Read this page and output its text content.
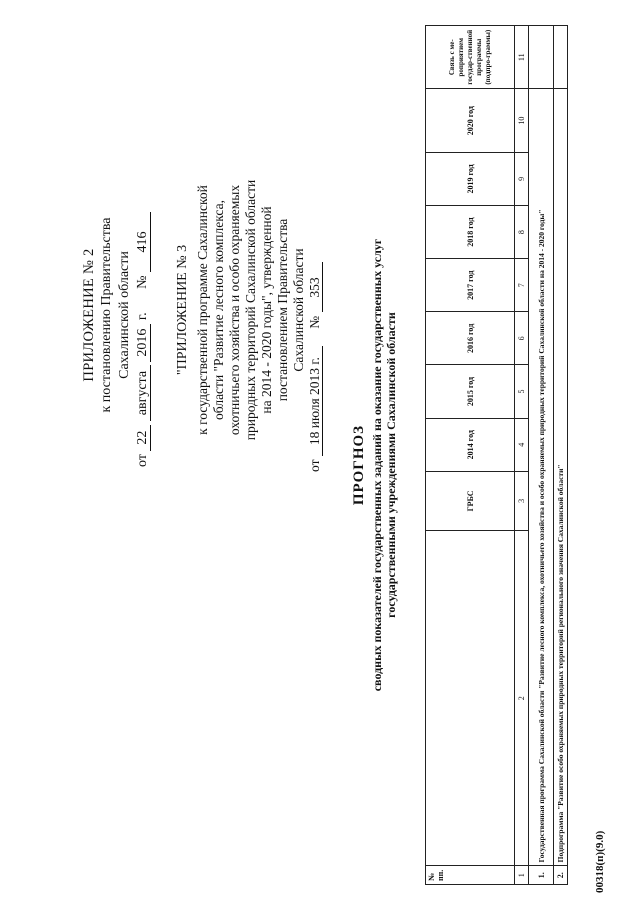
ПРИЛОЖЕНИЕ № 2 к постановлению Правительства Сахалинской области
от 22 августа 2016 г. № 416
"ПРИЛОЖЕНИЕ № 3 к государственной программе Сахалинской области "Развитие лесного комплекса, охотничьего хозяйства и особо охраняемых природных территорий Сахалинской области на 2014 - 2020 годы", утвержденной постановлением Правительства Сахалинской области
от 18 июля 2013 г. № 353
ПРОГНОЗ сводных показателей государственных заданий на оказание государственных услуг государственными учреждениями Сахалинской области
№ пп.		ГРБС	2014 год	2015 год	2016 год	2017 год	2018 год	2019 год	2020 год	Связь с ме-роприятием государ-ственной программы (подпро-граммы)
1	2	3	4	5	6	7	8	9	10	11
1.	Государственная программа Сахалинской области "Развитие лесного комплекса, охотничьего хозяйства и особо охраняемых природных территорий Сахалинской области на 2014 - 2020 годы"									
2.	Подпрограмма "Развитие особо охраняемых природных территорий регионального значения Сахалинской области"										00318(п)(9.0)
